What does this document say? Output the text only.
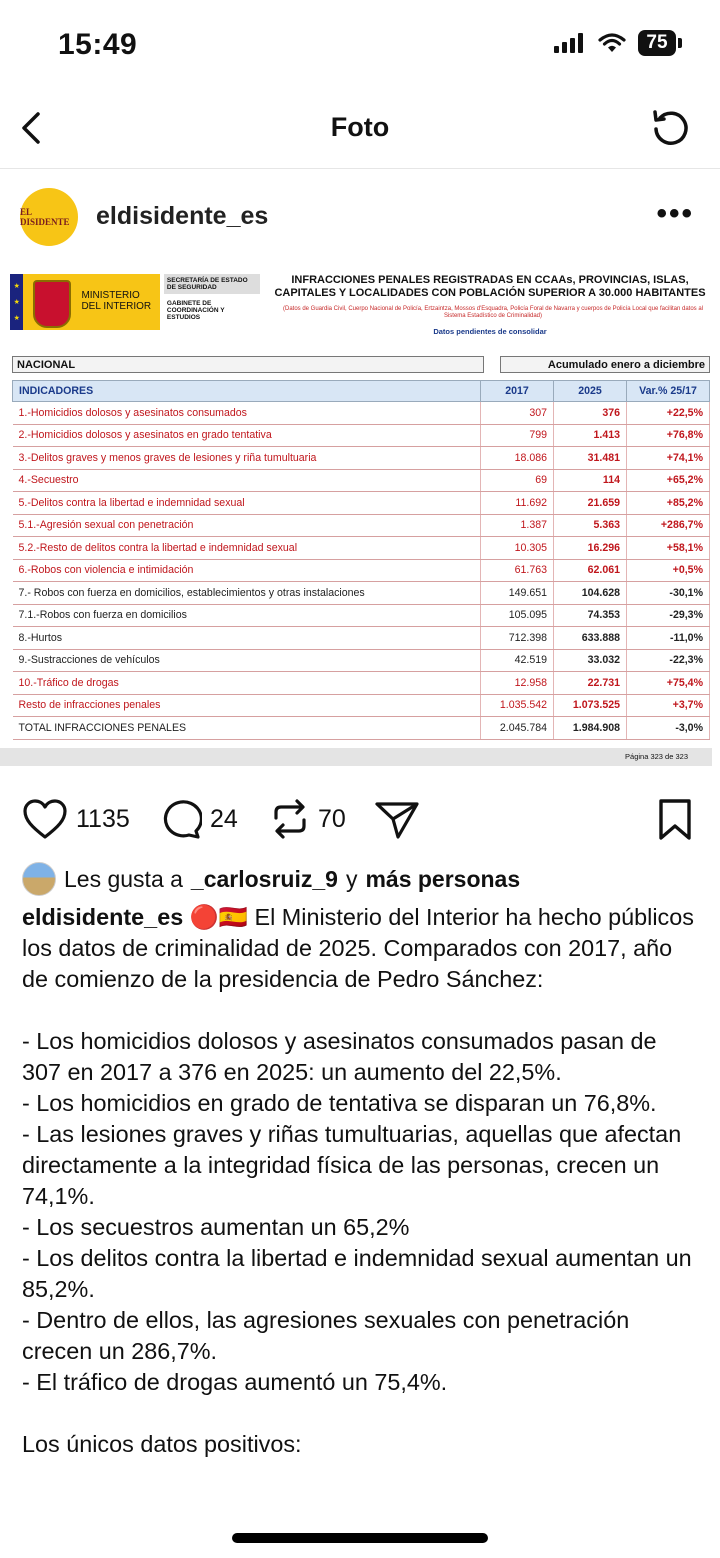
15:49	75
Foto
EL DISIDENTE	eldisidente_es	•••
★
★
★
MINISTERIO DEL INTERIOR
SECRETARÍA DE ESTADO DE SEGURIDAD
GABINETE DE COORDINACIÓN Y ESTUDIOS
INFRACCIONES PENALES REGISTRADAS EN CCAAs, PROVINCIAS, ISLAS, CAPITALES Y LOCALIDADES CON POBLACIÓN SUPERIOR A 30.000 HABITANTES
(Datos de Guardia Civil, Cuerpo Nacional de Policía, Ertzaintza, Mossos d'Esquadra, Policía Foral de Navarra y cuerpos de Policía Local que facilitan datos al Sistema Estadístico de Criminalidad)
Datos pendientes de consolidar
NACIONAL	Acumulado enero a diciembre
INDICADORES	2017	2025	Var.% 25/17
1.-Homicidios dolosos y asesinatos consumados	307	376	+22,5%
2.-Homicidios dolosos y asesinatos en grado tentativa	799	1.413	+76,8%
3.-Delitos graves y menos graves de lesiones y riña tumultuaria	18.086	31.481	+74,1%
4.-Secuestro	69	114	+65,2%
5.-Delitos contra la libertad e indemnidad sexual	11.692	21.659	+85,2%
5.1.-Agresión sexual con penetración	1.387	5.363	+286,7%
5.2.-Resto de delitos contra la libertad e indemnidad sexual	10.305	16.296	+58,1%
6.-Robos con violencia e intimidación	61.763	62.061	+0,5%
7.- Robos con fuerza en domicilios, establecimientos y otras instalaciones	149.651	104.628	-30,1%
7.1.-Robos con fuerza en domicilios	105.095	74.353	-29,3%
8.-Hurtos	712.398	633.888	-11,0%
9.-Sustracciones de vehículos	42.519	33.032	-22,3%
10.-Tráfico de drogas	12.958	22.731	+75,4%
Resto de infracciones penales	1.035.542	1.073.525	+3,7%
TOTAL INFRACCIONES PENALES	2.045.784	1.984.908	-3,0%
Página 323 de 323
1135	24	70
Les gusta a _carlosruiz_9 y más personas
eldisidente_es 🔴🇪🇸 El Ministerio del Interior ha hecho públicos los datos de criminalidad de 2025. Comparados con 2017, año de comienzo de la presidencia de Pedro Sánchez:

- Los homicidios dolosos y asesinatos consumados pasan de 307 en 2017 a 376 en 2025: un aumento del 22,5%.
- Los homicidios en grado de tentativa se disparan un 76,8%.
- Las lesiones graves y riñas tumultuarias, aquellas que afectan directamente a la integridad física de las personas, crecen un 74,1%.
- Los secuestros aumentan un 65,2%
- Los delitos contra la libertad e indemnidad sexual aumentan un 85,2%.
- Dentro de ellos, las agresiones sexuales con penetración crecen un 286,7%.
- El tráfico de drogas aumentó un 75,4%.

Los únicos datos positivos:
